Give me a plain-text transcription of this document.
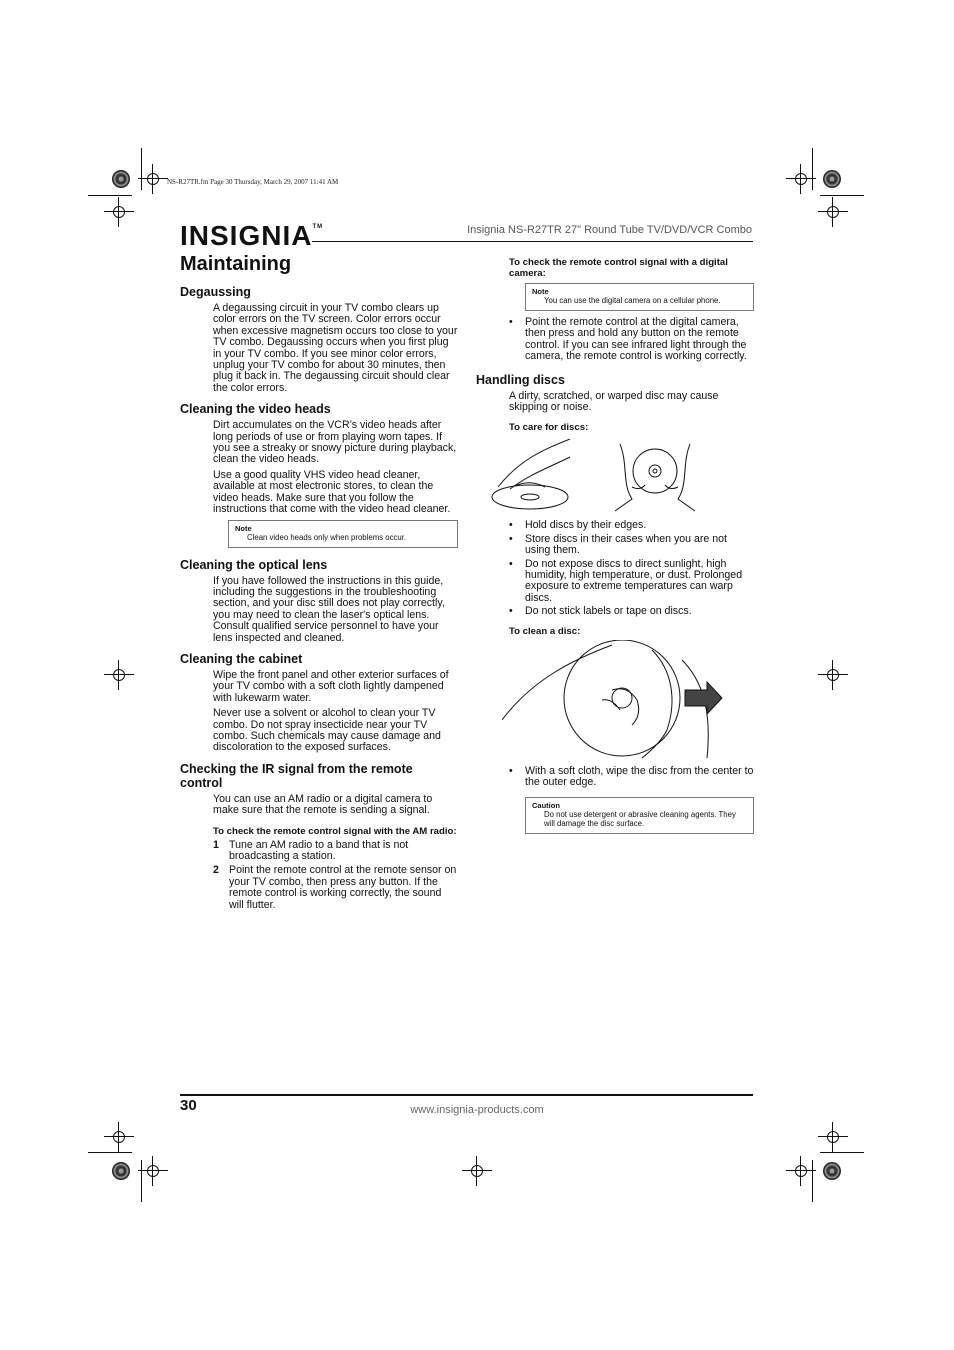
NS-R27TR.fm Page 30 Thursday, March 29, 2007 11:41 AM
INSIGNIA™	Insignia NS-R27TR 27" Round Tube TV/DVD/VCR Combo
Maintaining
Degaussing

A degaussing circuit in your TV combo clears up color errors on the TV screen. Color errors occur when excessive magnetism occurs too close to your TV combo. Degaussing occurs when you first plug in your TV combo. If you see minor color errors, unplug your TV combo for about 30 minutes, then plug it back in. The degaussing circuit should clear the color errors.

Cleaning the video heads

Dirt accumulates on the VCR’s video heads after long periods of use or from playing worn tapes. If you see a streaky or snowy picture during playback, clean the video heads.

Use a good quality VHS video head cleaner, available at most electronic stores, to clean the video heads. Make sure that you follow the instructions that come with the video head cleaner.

Note
Clean video heads only when problems occur.
Cleaning the optical lens

If you have followed the instructions in this guide, including the suggestions in the troubleshooting section, and your disc still does not play correctly, you may need to clean the laser's optical lens. Consult qualified service personnel to have your lens inspected and cleaned.

Cleaning the cabinet

Wipe the front panel and other exterior surfaces of your TV combo with a soft cloth lightly dampened with lukewarm water.

Never use a solvent or alcohol to clean your TV combo. Do not spray insecticide near your TV combo. Such chemicals may cause damage and discoloration to the exposed surfaces.

Checking the IR signal from the remote control

You can use an AM radio or a digital camera to make sure that the remote is sending a signal.

To check the remote control signal with the AM radio:
1 Tune an AM radio to a band that is not broadcasting a station.
2 Point the remote control at the remote sensor on your TV combo, then press any button. If the remote control is working correctly, the sound will flutter.
To check the remote control signal with a digital camera:
Note
You can use the digital camera on a cellular phone.
• Point the remote control at the digital camera, then press and hold any button on the remote control. If you can see infrared light through the camera, the remote control is working correctly.
Handling discs

A dirty, scratched, or warped disc may cause skipping or noise.

To care for discs:
• Hold discs by their edges.
• Store discs in their cases when you are not using them.
• Do not expose discs to direct sunlight, high humidity, high temperature, or dust. Prolonged exposure to extreme temperatures can warp discs.
• Do not stick labels or tape on discs.
To clean a disc:
• With a soft cloth, wipe the disc from the center to the outer edge.
Caution
Do not use detergent or abrasive cleaning agents. They will damage the disc surface.
30	www.insignia-products.com
